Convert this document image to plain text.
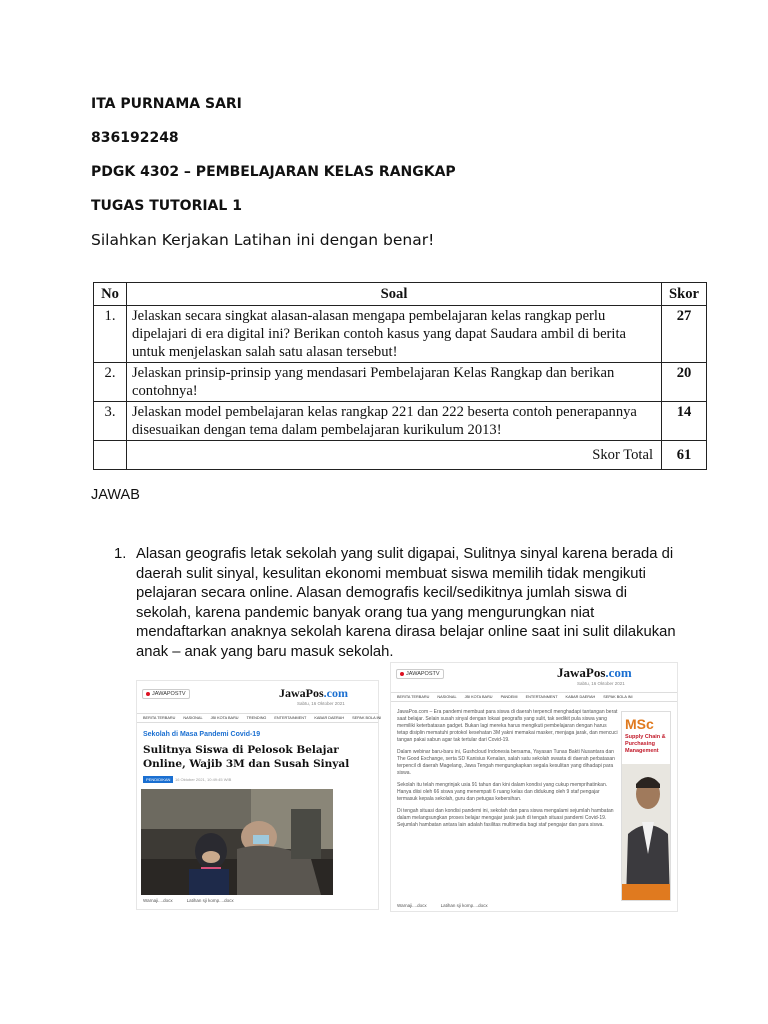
ITA PURNAMA SARI
836192248
PDGK 4302 – PEMBELAJARAN KELAS RANGKAP
TUGAS TUTORIAL 1
Silahkan Kerjakan Latihan ini dengan benar!
No	Soal	Skor
1.	Jelaskan secara singkat alasan-alasan mengapa pembelajaran kelas rangkap perlu dipelajari di era digital ini? Berikan contoh kasus yang dapat Saudara ambil di berita untuk menjelaskan salah satu alasan tersebut!	27
2.	Jelaskan prinsip-prinsip yang mendasari Pembelajaran Kelas Rangkap dan berikan contohnya!	20
3.	Jelaskan model pembelajaran kelas rangkap 221 dan 222 beserta contoh penerapannya disesuaikan dengan tema dalam pembelajaran kurikulum 2013!	14
	Skor Total	61
JAWAB
1. Alasan geografis letak sekolah yang sulit digapai, Sulitnya sinyal karena berada di daerah sulit sinyal, kesulitan ekonomi membuat siswa memilih tidak mengikuti pelajaran secara online. Alasan demografis kecil/sedikitnya jumlah siswa di sekolah, karena pandemic banyak orang tua yang mengurungkan niat mendaftarkan anaknya sekolah karena dirasa belajar online saat ini sulit dilakukan anak – anak yang baru masuk sekolah.
JAWAPOSTV	JawaPos.com
Sabtu, 16 Oktober 2021
BERITA TERBARU NASIONAL JBI KOTA BARU TRENDING ENTERTAINMENT KABAR DAERAH SEPAK BOLA INI
Sekolah di Masa Pandemi Covid-19
Sulitnya Siswa di Pelosok Belajar Online, Wajib 3M dan Susah Sinyal
PENDIDIKAN	16 Oktober 2021, 10:49:45 WIB
Warnaji....docx	Latihan sji komp....docx
JAWAPOSTV	JawaPos.com
Sabtu, 16 Oktober 2021
BERITA TERBARU NASIONAL JBI KOTA BARU PANDEMI ENTERTAINMENT KABAR DAERAH SEPAK BOLA INI

JawaPos.com – Era pandemi membuat para siswa di daerah terpencil menghadapi tantangan berat saat belajar. Selain susah sinyal dengan lokasi geografis yang sulit, tak sedikit pula siswa yang memiliki keterbatasan gadget. Bukan lagi mereka harus mengikuti pembelajaran dengan harus tetap disiplin mematuhi protokol kesehatan 3M yakni memakai masker, menjaga jarak, dan mencuci tangan pakai sabun agar tak tertular dari Covid-19.

Dalam webinar baru-baru ini, Gushcloud Indonesia bersama, Yayasan Tunas Bakti Nusantara dan The Good Exchange, serta SD Kanisius Kenalan, salah satu sekolah swasta di daerah perbatasan terpencil di daerah Magelang, Jawa Tengah mengungkapkan segala kesulitan yang dihadapi para siswa.

Sekolah itu telah mengrinjak usia 91 tahun dan kini dalam kondisi yang cukup memprihatinkan. Hanya diisi oleh 66 siswa yang menempati 6 ruang kelas dan didukung oleh 9 staf pengajar termasuk kepala sekolah, guru dan petugas kebersihan.

Di tengah situasi dan kondisi pandemi ini, sekolah dan para siswa mengalami sejumlah hambatan dalam melangsungkan proses belajar mengajar jarak jauh di tengah situasi pandemi Covid-19. Sejumlah hambatan antara lain adalah fasilitas multimedia bagi staf pengajar dan para siswa.

MSc
Supply Chain & Purchasing Management
Warnaji....docx	Latihan sji komp....docx
